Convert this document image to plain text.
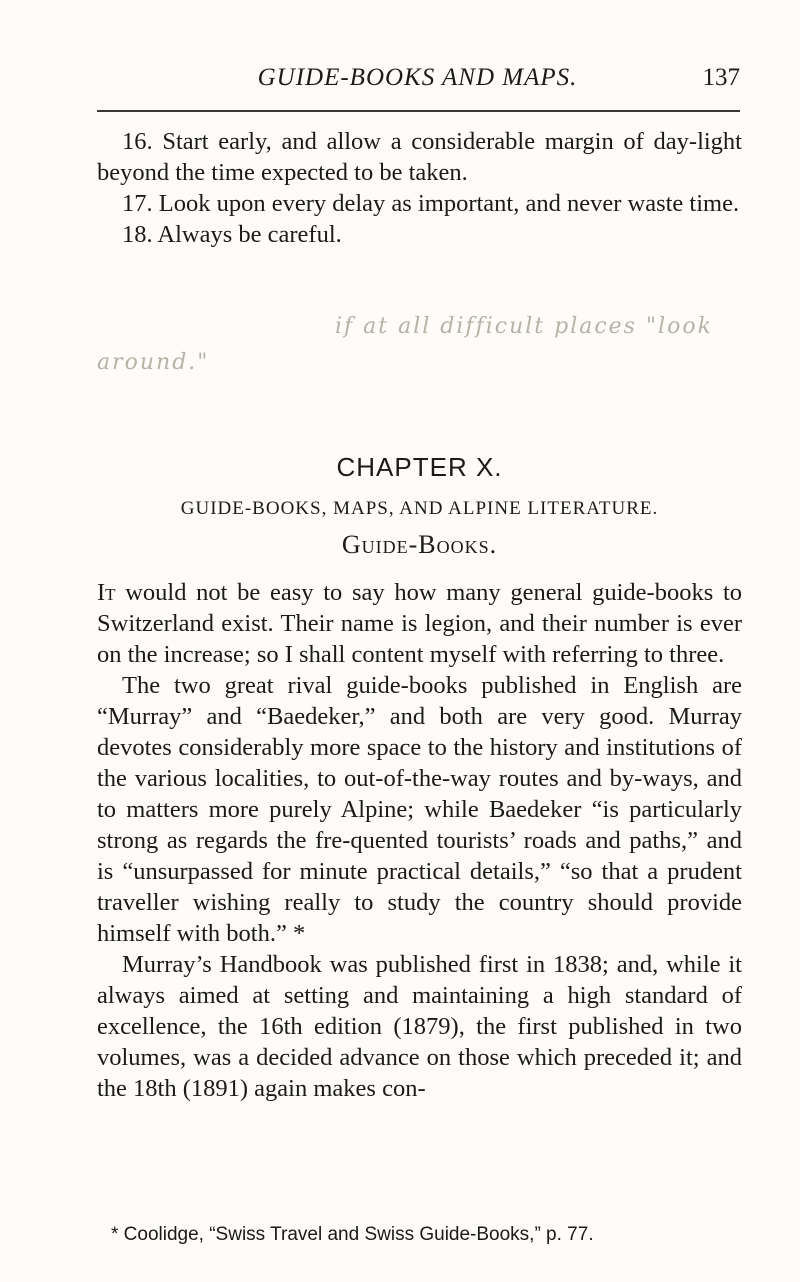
GUIDE-BOOKS AND MAPS.	137

16. Start early, and allow a considerable margin of day-light beyond the time expected to be taken.

17. Look upon every delay as important, and never waste time.

18. Always be careful.

if at all difficult places "look
around."
CHAPTER X.
GUIDE-BOOKS, MAPS, AND ALPINE LITERATURE.
Guide-Books.

It would not be easy to say how many general guide-books to Switzerland exist. Their name is legion, and their number is ever on the increase; so I shall content myself with referring to three.

The two great rival guide-books published in English are “Murray” and “Baedeker,” and both are very good. Murray devotes considerably more space to the history and institutions of the various localities, to out-of-the-way routes and by-ways, and to matters more purely Alpine; while Baedeker “is particularly strong as regards the fre-quented tourists’ roads and paths,” and is “unsurpassed for minute practical details,” “so that a prudent traveller wishing really to study the country should provide himself with both.” *

Murray’s Handbook was published first in 1838; and, while it always aimed at setting and maintaining a high standard of excellence, the 16th edition (1879), the first published in two volumes, was a decided advance on those which preceded it; and the 18th (1891) again makes con-

* Coolidge, “Swiss Travel and Swiss Guide-Books,” p. 77.
